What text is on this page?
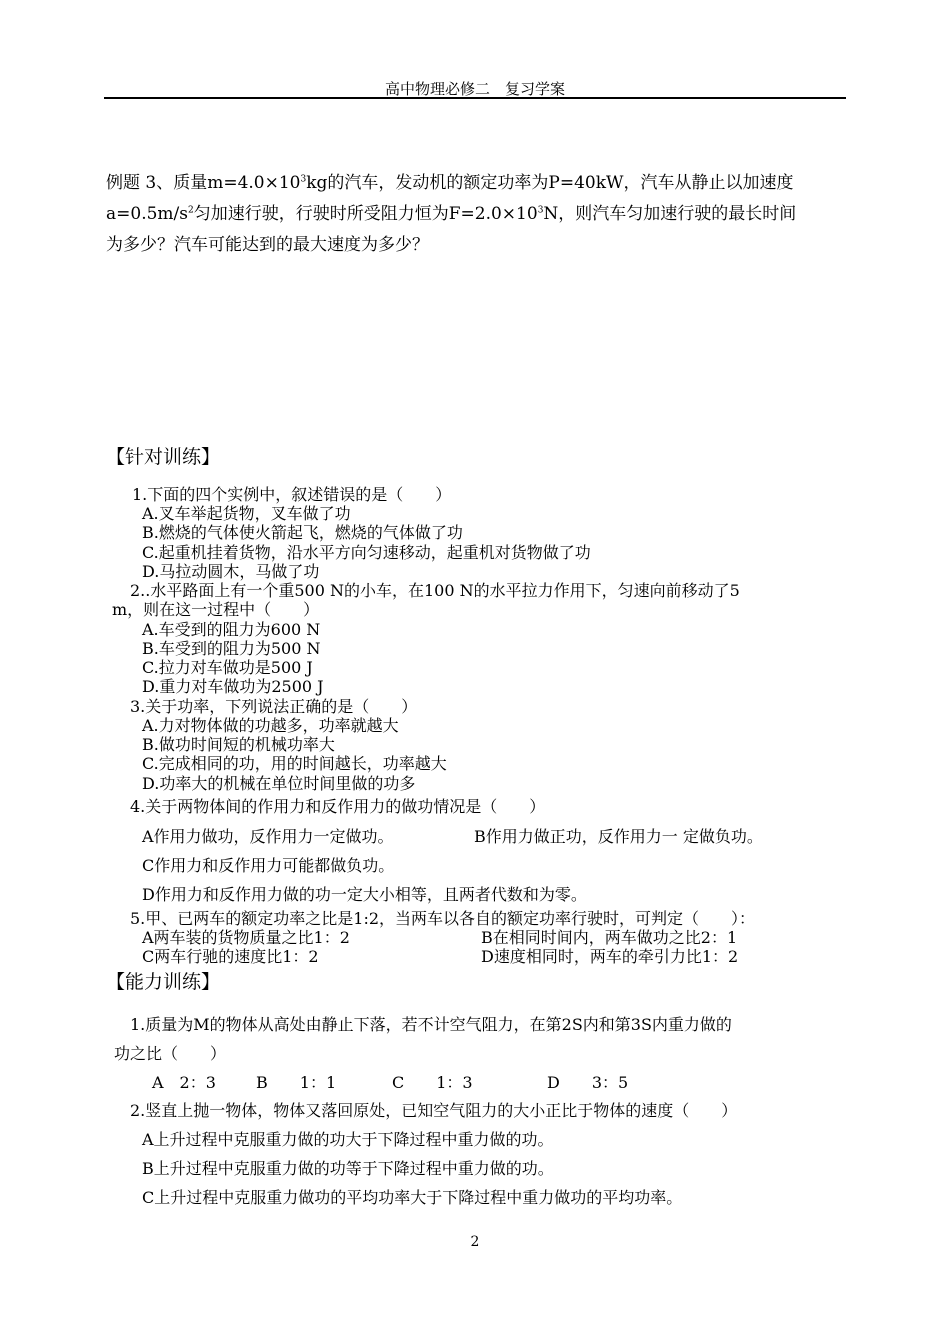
高中物理必修二　复习学案
例题 3、质量$m=4.0\times 10^3kg$的汽车，发动机的额定功率为P=40kW，汽车从静止以加速度
$a=0.5m/s^2$匀加速行驶，行驶时所受阻力恒为$F=2.0\times 10^3N$，则汽车匀加速行驶的最长时间
为多少？汽车可能达到的最大速度为多少？
【针对训练】
1.下面的四个实例中，叙述错误的是（　　）
A.叉车举起货物，叉车做了功
B.燃烧的气体使火箭起飞，燃烧的气体做了功
C.起重机挂着货物，沿水平方向匀速移动，起重机对货物做了功
D.马拉动圆木，马做了功
2..水平路面上有一个重500 N的小车，在100 N的水平拉力作用下，匀速向前移动了5
m，则在这一过程中（　　）
A.车受到的阻力为600 N
B.车受到的阻力为500 N
C.拉力对车做功是500 J
D.重力对车做功为2500 J
3.关于功率，下列说法正确的是（　　）
A.力对物体做的功越多，功率就越大
B.做功时间短的机械功率大
C.完成相同的功，用的时间越长，功率越大
D.功率大的机械在单位时间里做的功多
4.关于两物体间的作用力和反作用力的做功情况是（　　）
A作用力做功，反作用力一定做功。	B作用力做正功，反作用力一 定做负功。
C作用力和反作用力可能都做负功。
D作用力和反作用力做的功一定大小相等，且两者代数和为零。
5.甲、已两车的额定功率之比是1:2，当两车以各自的额定功率行驶时，可判定（　　）：
A两车装的货物质量之比1：2	B在相同时间内，两车做功之比2：1
C两车行驰的速度比1：2	D速度相同时，两车的牵引力比1：2
【能力训练】
1.质量为M的物体从高处由静止下落，若不计空气阻力，在第2S内和第3S内重力做的
功之比（　　）
A　2：3	B　　1：1	C　　1：3	D　　3：5
2.竖直上抛一物体，物体又落回原处，已知空气阻力的大小正比于物体的速度（　　）
A上升过程中克服重力做的功大于下降过程中重力做的功。
B上升过程中克服重力做的功等于下降过程中重力做的功。
C上升过程中克服重力做功的平均功率大于下降过程中重力做功的平均功率。
2
